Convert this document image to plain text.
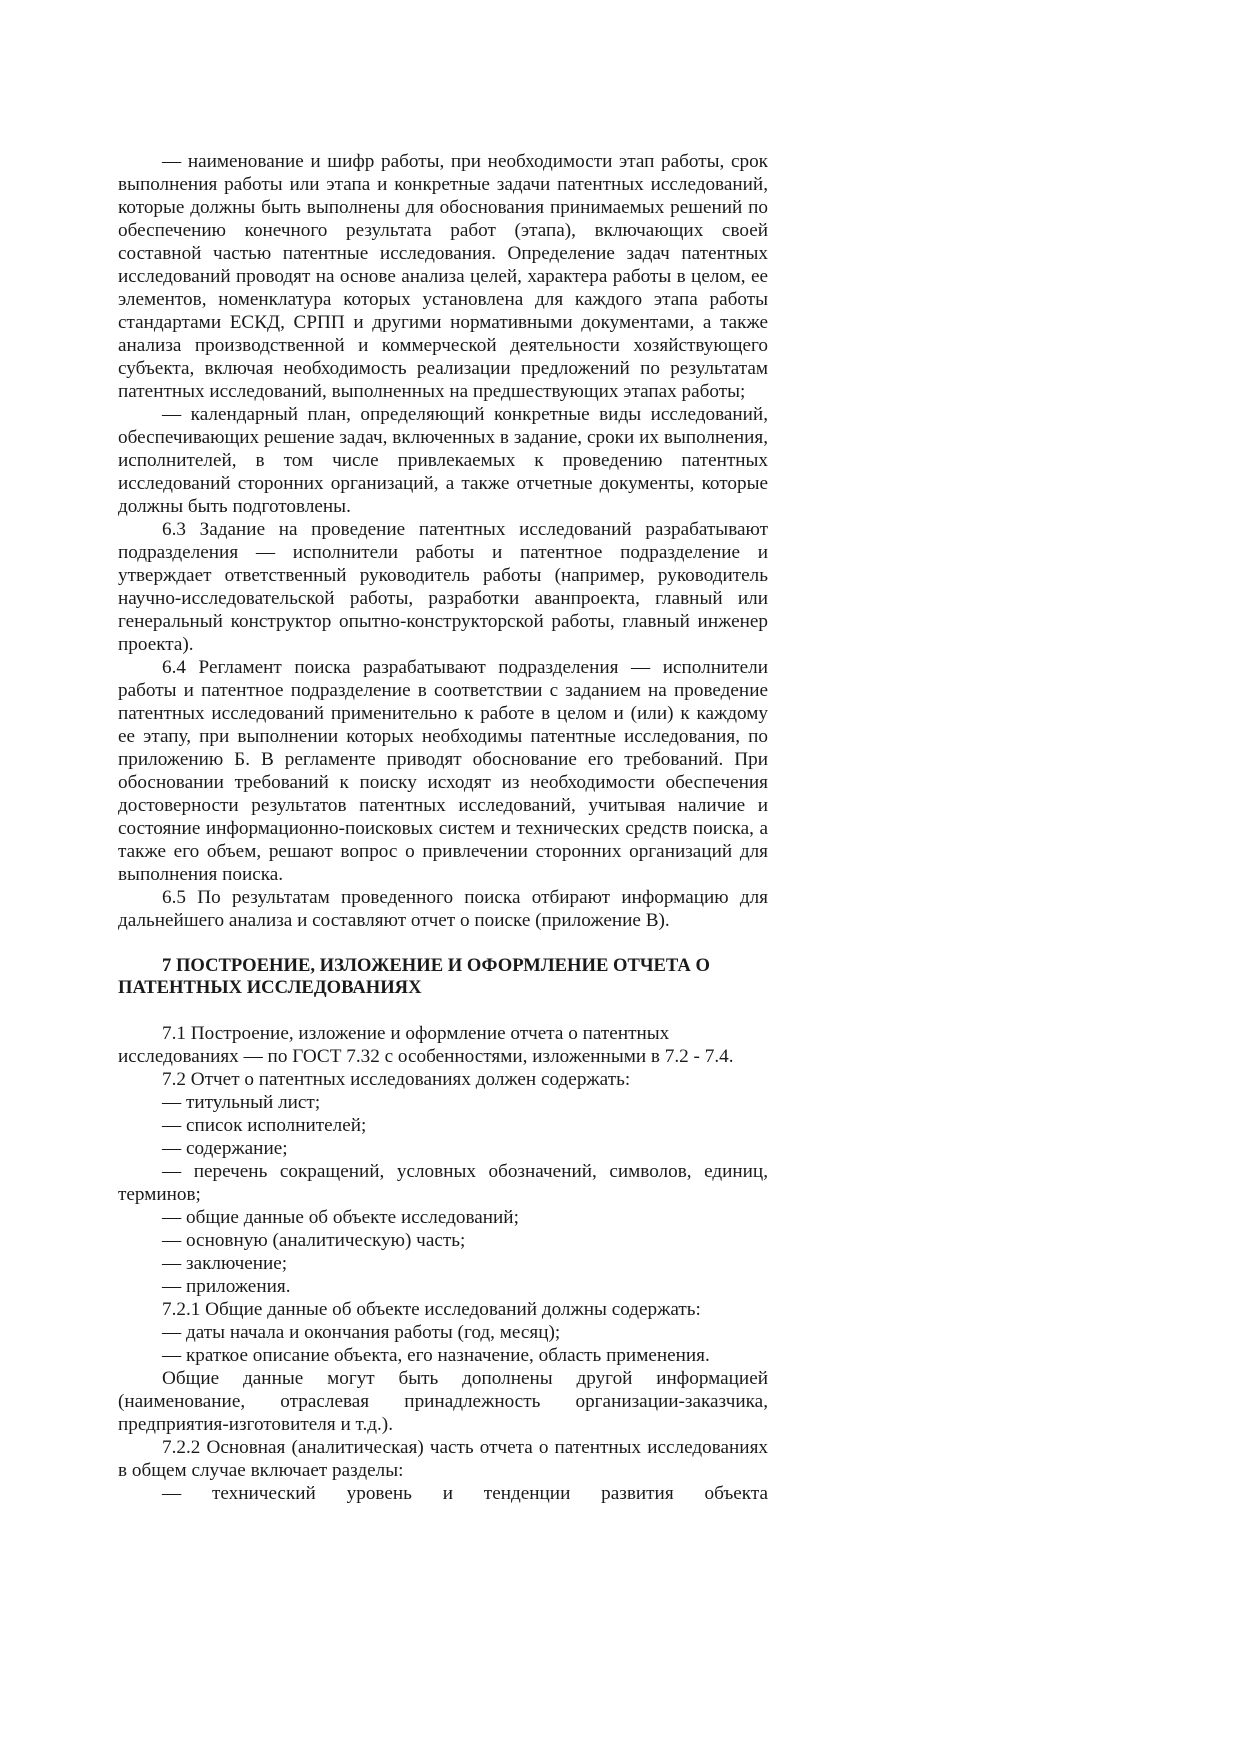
— наименование и шифр работы, при необходимости этап работы, срок выполнения работы или этапа и конкретные задачи патентных исследований, которые должны быть выполнены для обоснования принимаемых решений по обеспечению конечного результата работ (этапа), включающих своей составной частью патентные исследования. Определение задач патентных исследований проводят на основе анализа целей, характера работы в целом, ее элементов, номенклатура которых установлена для каждого этапа работы стандартами ЕСКД, СРПП и другими нормативными документами, а также анализа производственной и коммерческой деятельности хозяйствующего субъекта, включая необходимость реализации предложений по результатам патентных исследований, выполненных на предшествующих этапах работы;

— календарный план, определяющий конкретные виды исследований, обеспечивающих решение задач, включенных в задание, сроки их выполнения, исполнителей, в том числе привлекаемых к проведению патентных исследований сторонних организаций, а также отчетные документы, которые должны быть подготовлены.

6.3 Задание на проведение патентных исследований разрабатывают подразделения — исполнители работы и патентное подразделение и утверждает ответственный руководитель работы (например, руководитель научно-исследовательской работы, разработки аванпроекта, главный или генеральный конструктор опытно-конструкторской работы, главный инженер проекта).

6.4 Регламент поиска разрабатывают подразделения — исполнители работы и патентное подразделение в соответствии с заданием на проведение патентных исследований применительно к работе в целом и (или) к каждому ее этапу, при выполнении которых необходимы патентные исследования, по приложению Б. В регламенте приводят обоснование его требований. При обосновании требований к поиску исходят из необходимости обеспечения достоверности результатов патентных исследований, учитывая наличие и состояние информационно-поисковых систем и технических средств поиска, а также его объем, решают вопрос о привлечении сторонних организаций для выполнения поиска.

6.5 По результатам проведенного поиска отбирают информацию для дальнейшего анализа и составляют отчет о поиске (приложение В).

7 ПОСТРОЕНИЕ, ИЗЛОЖЕНИЕ И ОФОРМЛЕНИЕ ОТЧЕТА О ПАТЕНТНЫХ ИССЛЕДОВАНИЯХ

7.1 Построение, изложение и оформление отчета о патентных исследованиях — по ГОСТ 7.32 с особенностями, изложенными в 7.2 - 7.4.

7.2 Отчет о патентных исследованиях должен содержать:

— титульный лист;

— список исполнителей;

— содержание;

— перечень сокращений, условных обозначений, символов, единиц, терминов;

— общие данные об объекте исследований;

— основную (аналитическую) часть;

— заключение;

— приложения.

7.2.1 Общие данные об объекте исследований должны содержать:

— даты начала и окончания работы (год, месяц);

— краткое описание объекта, его назначение, область применения.

Общие данные могут быть дополнены другой информацией (наименование, отраслевая принадлежность организации-заказчика, предприятия-изготовителя и т.д.).

7.2.2 Основная (аналитическая) часть отчета о патентных исследованиях в общем случае включает разделы:

— технический уровень и тенденции развития объекта
